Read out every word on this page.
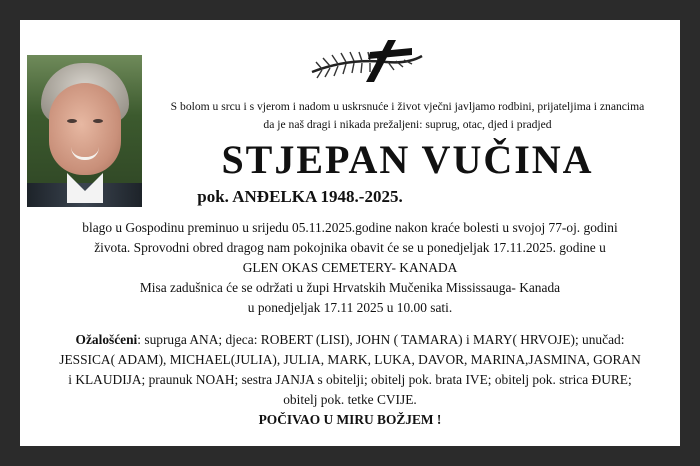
S bolom u srcu i s vjerom i nadom u uskrsnuće i život vječni javljamo rodbini, prijateljima i znancima
da je naš dragi i nikada prežaljeni: suprug, otac, djed i pradjed
STJEPAN VUČINA
pok. ANĐELKA 1948.-2025.

blago u Gospodinu preminuo u srijedu 05.11.2025.godine nakon kraće bolesti u svojoj 77-oj. godini

života. Sprovodni obred dragog nam pokojnika obavit će se u ponedjeljak 17.11.2025. godine u

GLEN OKAS CEMETERY- KANADA

Misa zadušnica će se održati u župi Hrvatskih Mučenika Mississauga- Kanada

u ponedjeljak 17.11 2025 u 10.00 sati.

Ožalošćeni: supruga ANA; djeca: ROBERT (LISI), JOHN ( TAMARA) i MARY( HRVOJE); unučad:

JESSICA( ADAM), MICHAEL(JULIA), JULIA, MARK, LUKA, DAVOR, MARINA,JASMINA, GORAN

i KLAUDIJA; praunuk NOAH; sestra JANJA s obitelji; obitelj pok. brata IVE; obitelj pok. strica ĐURE;

obitelj pok. tetke CVIJE.

POČIVAO U MIRU BOŽJEM !
